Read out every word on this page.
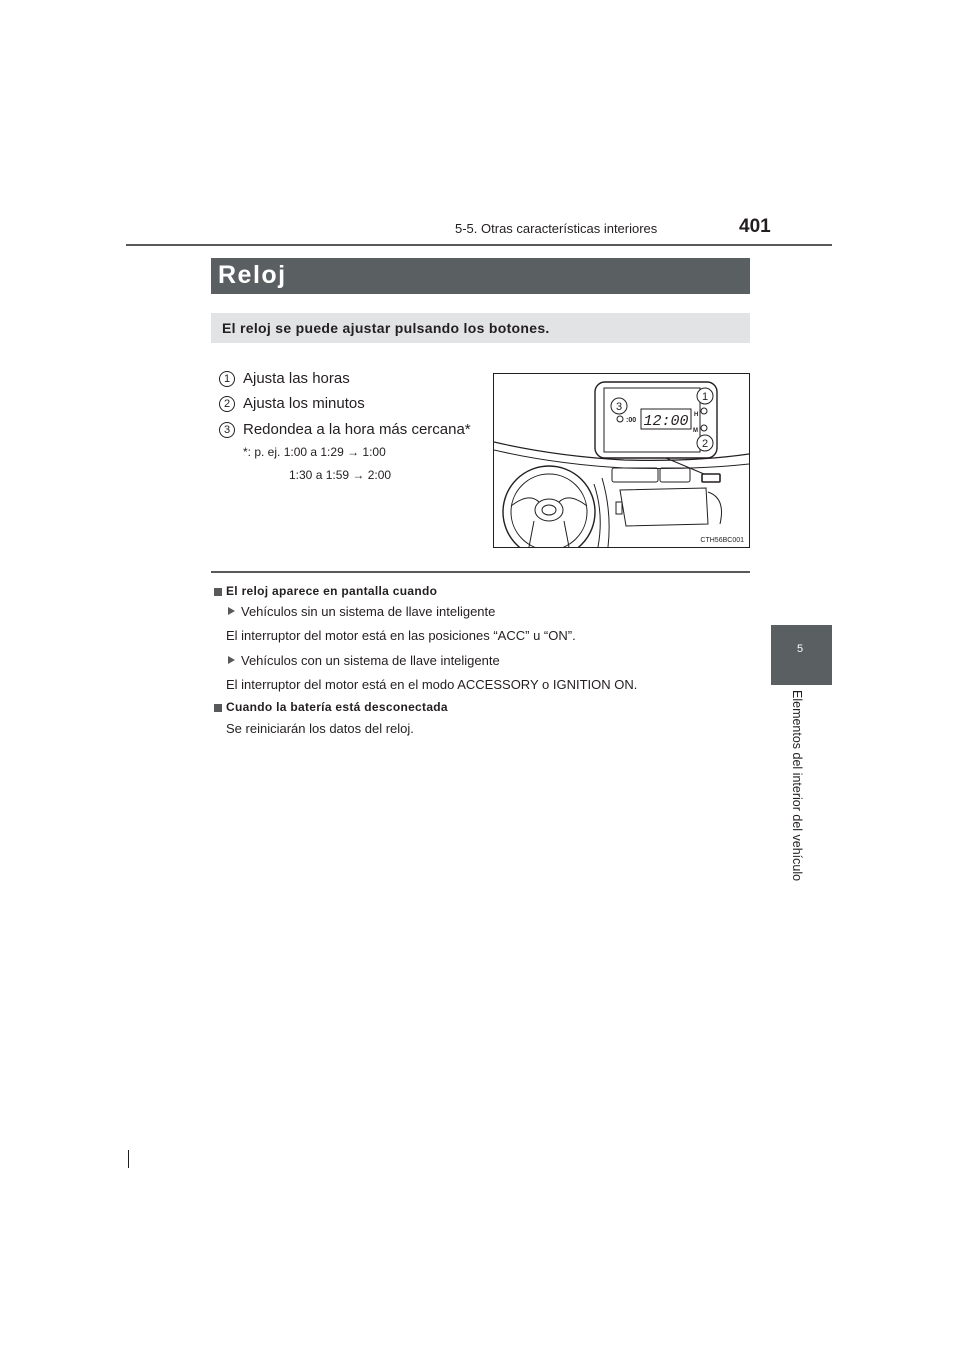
5-5. Otras características interiores	401
Reloj
El reloj se puede ajustar pulsando los botones.
1 Ajusta las horas
2 Ajusta los minutos
3 Redondea a la hora más cercana*
*: p. ej. 1:00 a 1:29 → 1:00
1:30 a 1:59 → 2:00
3
1
2
:00 12:00 H
M
CTH56BC001
El reloj aparece en pantalla cuando
Vehículos sin un sistema de llave inteligente
El interruptor del motor está en las posiciones “ACC” u “ON”.
Vehículos con un sistema de llave inteligente
El interruptor del motor está en el modo ACCESSORY o IGNITION ON.
Cuando la batería está desconectada
Se reiniciarán los datos del reloj.
5
Elementos del interior del vehículo
